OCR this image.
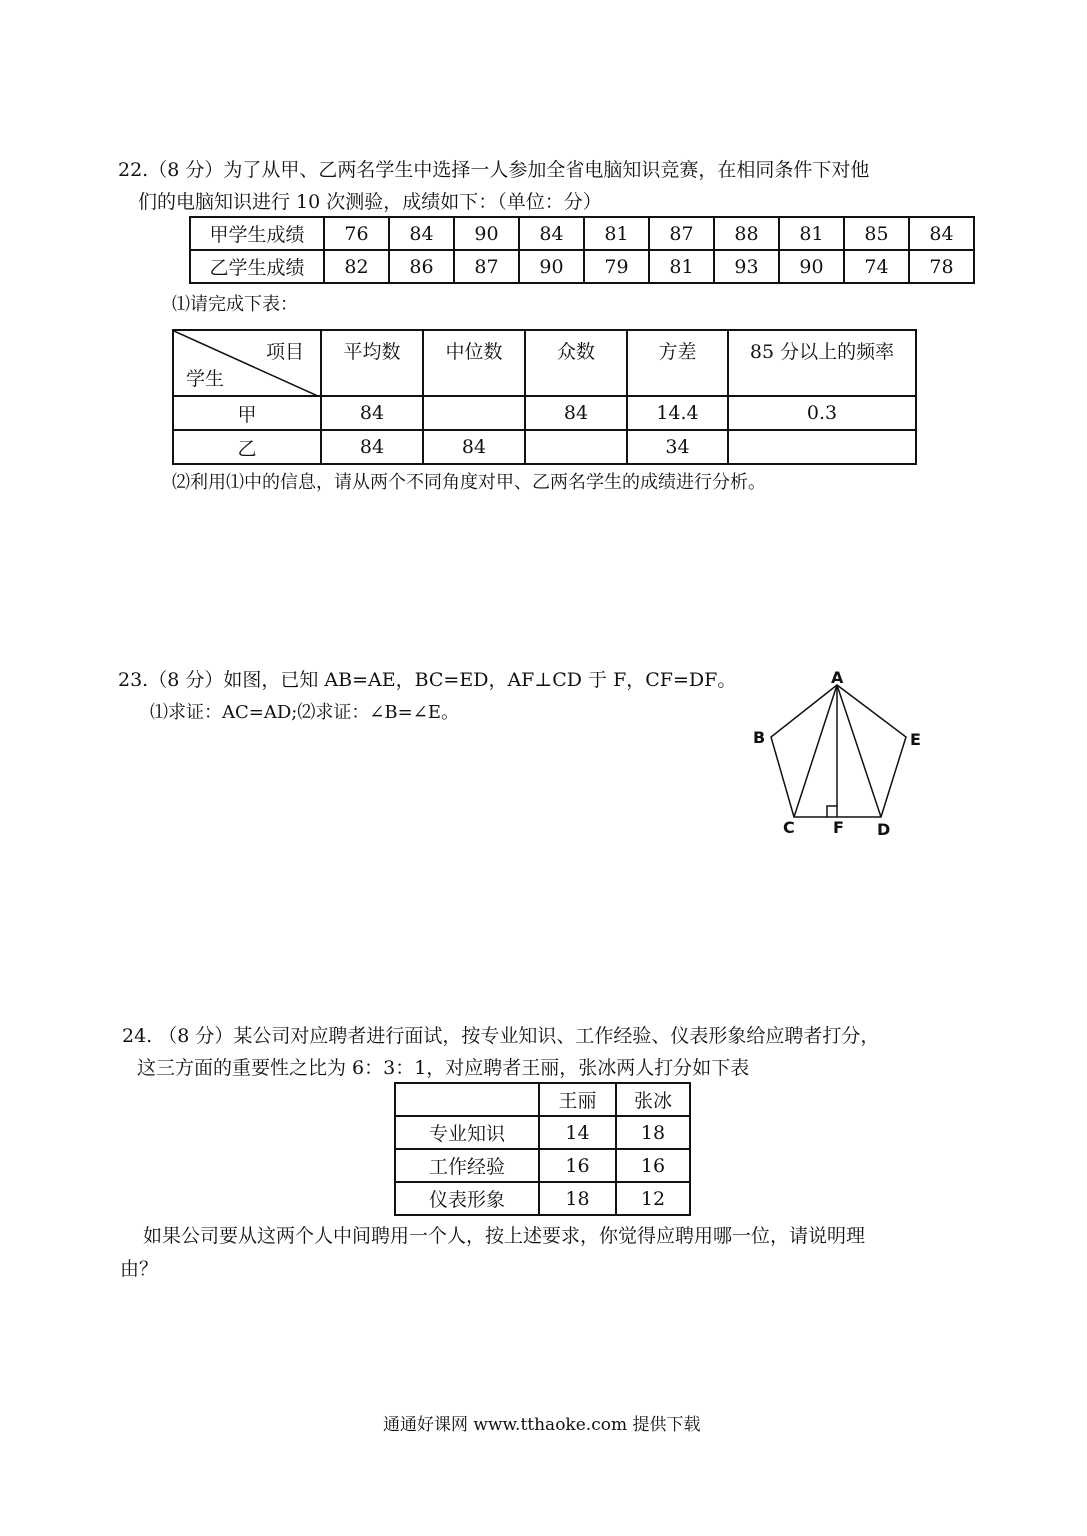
22.（8 分）为了从甲、乙两名学生中选择一人参加全省电脑知识竞赛，在相同条件下对他
们的电脑知识进行 10 次测验，成绩如下：（单位：分）
甲学生成绩	76	84	90	84	81	87	88	81	85	84
乙学生成绩	82	86	87	90	79	81	93	90	74	78
⑴请完成下表：
项目
学生	平均数	中位数	众数	方差	85 分以上的频率
甲	84		84	14.4	0.3
乙	84	84		34	
⑵利用⑴中的信息，请从两个不同角度对甲、乙两名学生的成绩进行分析。
23.（8 分）如图，已知 AB=AE，BC=ED，AF⊥CD 于 F，CF=DF。
⑴求证：AC=AD;⑵求证：∠B=∠E。
A
B
C F D
E
24. （8 分）某公司对应聘者进行面试，按专业知识、工作经验、仪表形象给应聘者打分，
这三方面的重要性之比为 6：3：1，对应聘者王丽，张冰两人打分如下表
	王丽	张冰
专业知识	14	18
工作经验	16	16
仪表形象	18	12
如果公司要从这两个人中间聘用一个人，按上述要求，你觉得应聘用哪一位，请说明理
由？
通通好课网 www.tthaoke.com 提供下载
